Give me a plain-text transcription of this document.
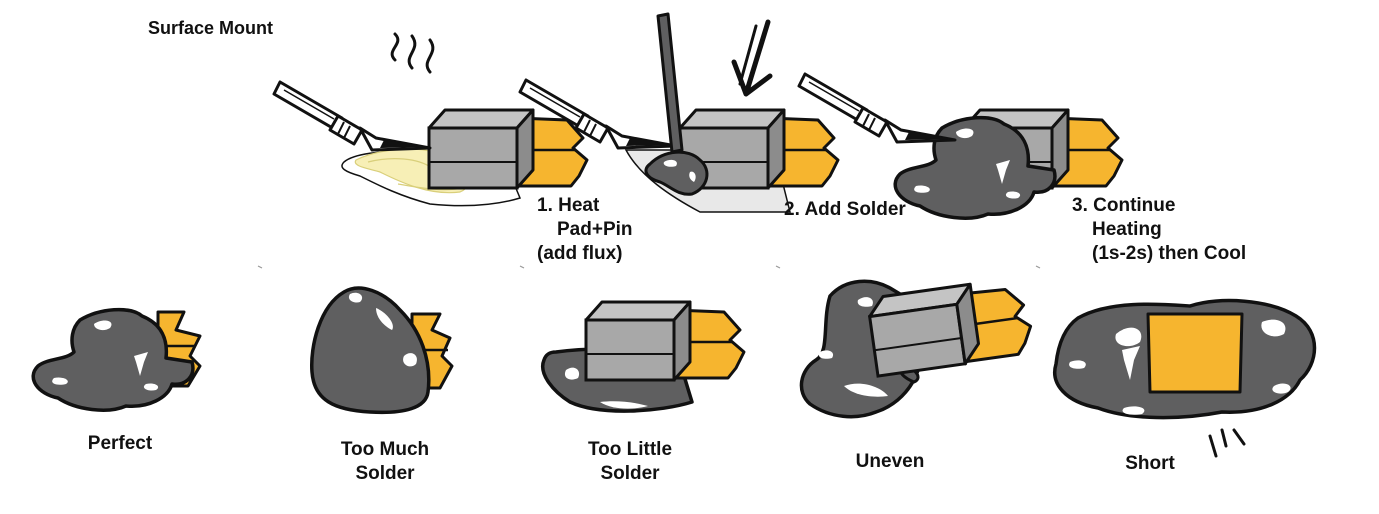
Surface Mount
1. Heat
Pad+Pin
(add flux)
2. Add Solder	3. Continue
Heating
(1s-2s) then Cool
Perfect	Too Much
Solder
Too Little
Solder
Uneven	Short
